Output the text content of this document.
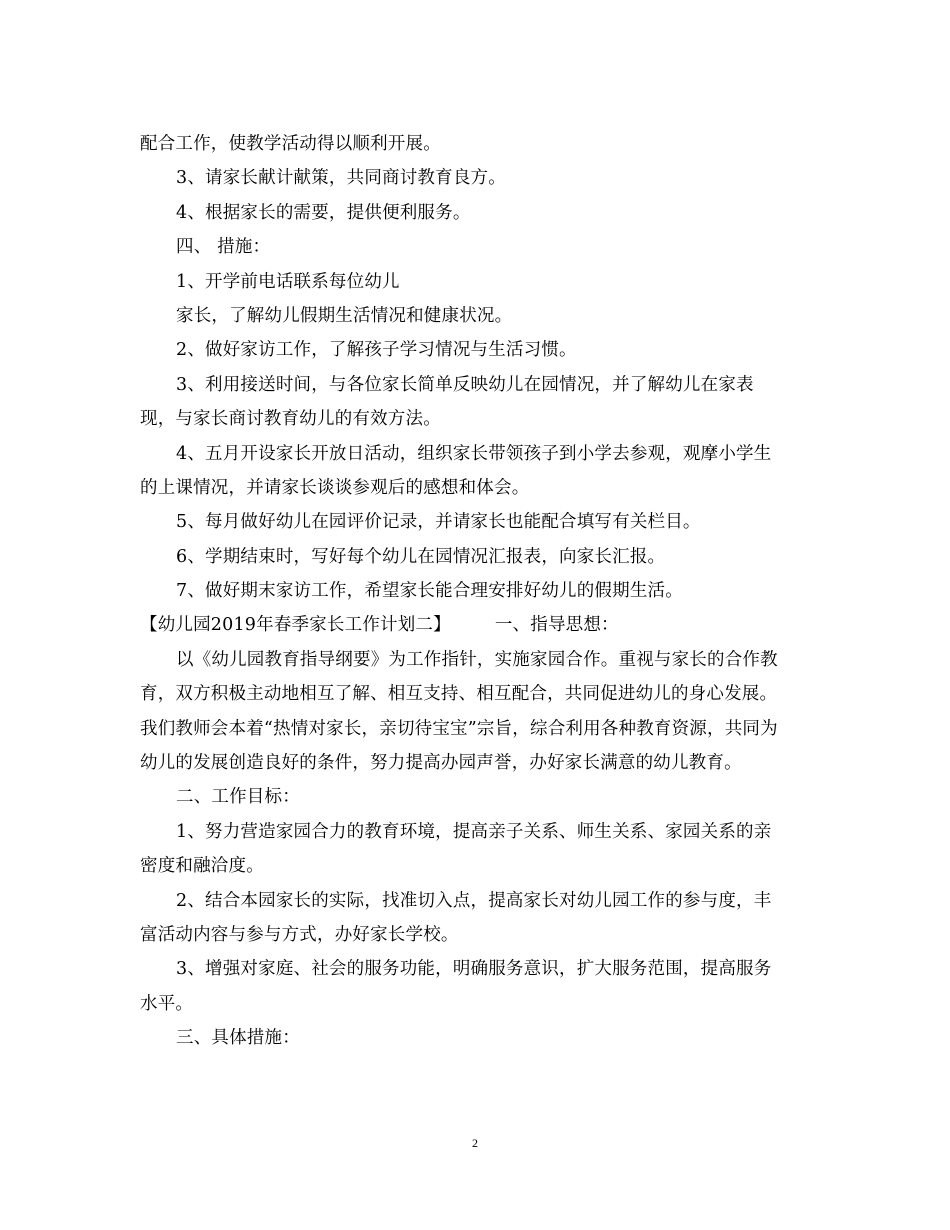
配合工作，使教学活动得以顺利开展。
3、请家长献计献策，共同商讨教育良方。
4、根据家长的需要，提供便利服务。
四、 措施：
1、开学前电话联系每位幼儿
家长，了解幼儿假期生活情况和健康状况。
2、做好家访工作，了解孩子学习情况与生活习惯。
3、利用接送时间，与各位家长简单反映幼儿在园情况，并了解幼儿在家表
现，与家长商讨教育幼儿的有效方法。
4、五月开设家长开放日活动，组织家长带领孩子到小学去参观，观摩小学生
的上课情况，并请家长谈谈参观后的感想和体会。
5、每月做好幼儿在园评价记录，并请家长也能配合填写有关栏目。
6、学期结束时，写好每个幼儿在园情况汇报表，向家长汇报。
7、做好期末家访工作，希望家长能合理安排好幼儿的假期生活。
【幼儿园2019年春季家长工作计划二】	一、指导思想：
以《幼儿园教育指导纲要》为工作指针，实施家园合作。重视与家长的合作教
育，双方积极主动地相互了解、相互支持、相互配合，共同促进幼儿的身心发展。
我们教师会本着“热情对家长，亲切待宝宝”宗旨，综合利用各种教育资源，共同为
幼儿的发展创造良好的条件，努力提高办园声誉，办好家长满意的幼儿教育。
二、工作目标：
1、努力营造家园合力的教育环境，提高亲子关系、师生关系、家园关系的亲
密度和融洽度。
2、结合本园家长的实际，找准切入点，提高家长对幼儿园工作的参与度，丰
富活动内容与参与方式，办好家长学校。
3、增强对家庭、社会的服务功能，明确服务意识，扩大服务范围，提高服务
水平。
三、具体措施：
2
